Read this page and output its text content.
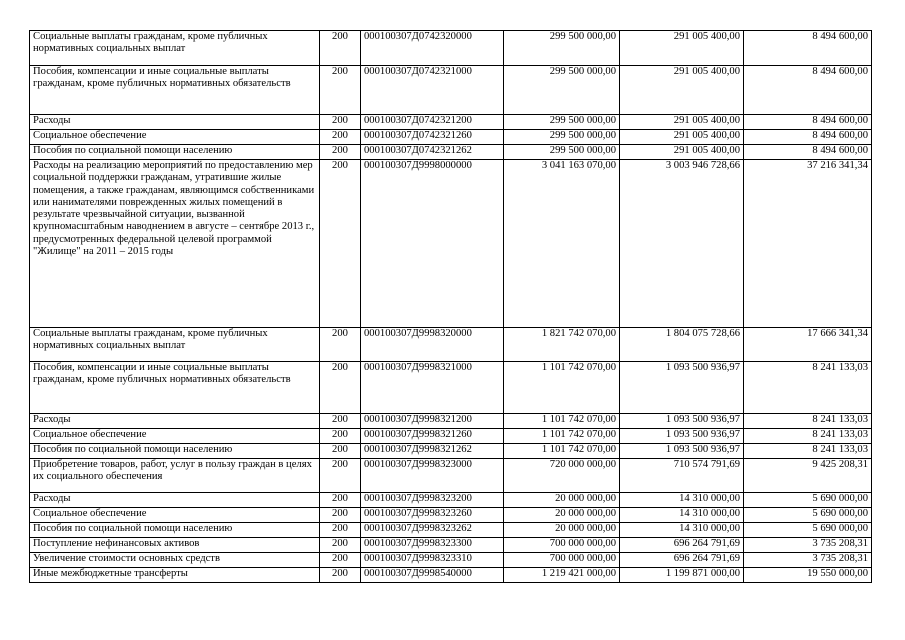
Социальные выплаты гражданам, кроме публичных нормативных социальных выплат	200	000100307Д0742320000	299 500 000,00	291 005 400,00	8 494 600,00
Пособия, компенсации и иные социальные выплаты гражданам, кроме публичных нормативных обязательств	200	000100307Д0742321000	299 500 000,00	291 005 400,00	8 494 600,00
Расходы	200	000100307Д0742321200	299 500 000,00	291 005 400,00	8 494 600,00
Социальное обеспечение	200	000100307Д0742321260	299 500 000,00	291 005 400,00	8 494 600,00
Пособия по социальной помощи населению	200	000100307Д0742321262	299 500 000,00	291 005 400,00	8 494 600,00
Расходы на реализацию мероприятий по предоставлению мер социальной поддержки гражданам, утратившие жилые помещения, а также гражданам, являющимся собственниками или нанимателями поврежденных жилых помещений в результате чрезвычайной ситуации, вызванной крупномасштабным наводнением в августе – сентябре 2013 г., предусмотренных федеральной целевой программой "Жилище" на 2011 – 2015 годы	200	000100307Д9998000000	3 041 163 070,00	3 003 946 728,66	37 216 341,34
Социальные выплаты гражданам, кроме публичных нормативных социальных выплат	200	000100307Д9998320000	1 821 742 070,00	1 804 075 728,66	17 666 341,34
Пособия, компенсации и иные социальные выплаты гражданам, кроме публичных нормативных обязательств	200	000100307Д9998321000	1 101 742 070,00	1 093 500 936,97	8 241 133,03
Расходы	200	000100307Д9998321200	1 101 742 070,00	1 093 500 936,97	8 241 133,03
Социальное обеспечение	200	000100307Д9998321260	1 101 742 070,00	1 093 500 936,97	8 241 133,03
Пособия по социальной помощи населению	200	000100307Д9998321262	1 101 742 070,00	1 093 500 936,97	8 241 133,03
Приобретение товаров, работ, услуг в пользу граждан в целях их социального обеспечения	200	000100307Д9998323000	720 000 000,00	710 574 791,69	9 425 208,31
Расходы	200	000100307Д9998323200	20 000 000,00	14 310 000,00	5 690 000,00
Социальное обеспечение	200	000100307Д9998323260	20 000 000,00	14 310 000,00	5 690 000,00
Пособия по социальной помощи населению	200	000100307Д9998323262	20 000 000,00	14 310 000,00	5 690 000,00
Поступление нефинансовых активов	200	000100307Д9998323300	700 000 000,00	696 264 791,69	3 735 208,31
Увеличение стоимости основных средств	200	000100307Д9998323310	700 000 000,00	696 264 791,69	3 735 208,31
Иные межбюджетные трансферты	200	000100307Д9998540000	1 219 421 000,00	1 199 871 000,00	19 550 000,00
